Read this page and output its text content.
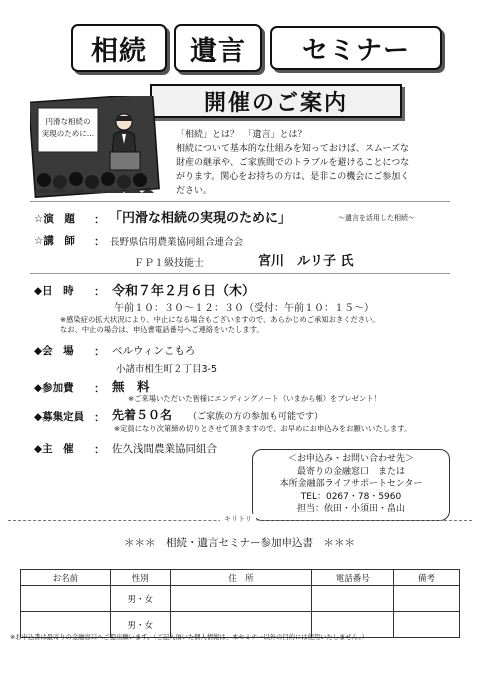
相続	遺言	セミナー
開催のご案内
円滑な相続の
実現のために…	「相続」とは？　「遺言」とは？

相続について基本的な仕組みを知っておけば、スムーズな

財産の継承や、ご家族間でのトラブルを避けることにつな

がります。関心をお持ちの方は、是非この機会にご参加く

ださい。

☆演　題 ： 「円滑な相続の実現のために」	～遺言を活用した相続～
☆講　師 ： 長野県信用農業協同組合連合会
ＦＰ１級技能士	宮川　ルリ子 氏
◆日　時 ： 令和７年２月６日（木）
午前１０：３０～１２：３０（受付：午前１０：１５～）
※感染症の拡大状況により、中止になる場合もございますので、あらかじめご承知おきください。
なお、中止の場合は、申込書電話番号へご連絡をいたします。
◆会　場 ： ベルウィンこもろ
小諸市相生町２丁目3-5
◆参加費 ： 無　料
※ご来場いただいた皆様にエンディングノート（いまから帳）をプレゼント！
◆募集定員 ： 先着５０名 （ご家族の方の参加も可能です）
※定員になり次第締め切りとさせて頂きますので、お早めにお申込みをお願いいたします。
◆主　催 ： 佐久浅間農業協同組合
＜お申込み・お問い合わせ先＞
最寄りの金融窓口　または
本所金融部ライフサポートセンター
TEL：0267・78・5960
担当：依田・小須田・畠山
キリトリ
＊＊＊　相続・遺言セミナー参加申込書　＊＊＊
お名前	性別	住　所	電話番号	備考
	男・女			
	男・女			
※お申込書は最寄りの金融窓口へご提出願います。（ご記入頂いた個人情報は、本セミナー以外の目的には使用いたしません。）
